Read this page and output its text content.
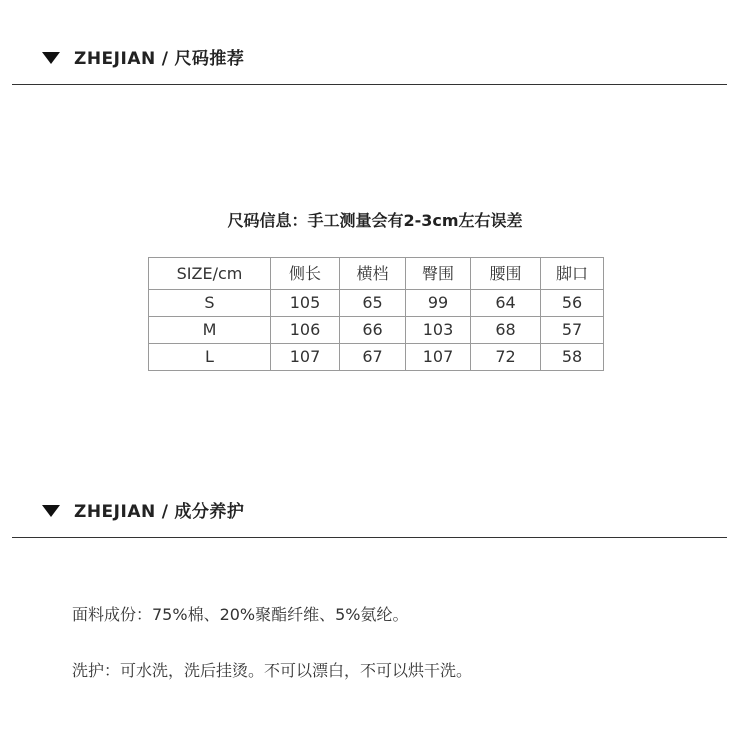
ZHEJIAN / 尺码推荐
尺码信息：手工测量会有2-3cm左右误差
SIZE/cm	侧长	横档	臀围	腰围	脚口
S	105	65	99	64	56
M	106	66	103	68	57
L	107	67	107	72	58
ZHEJIAN / 成分养护
面料成份：75%棉、20%聚酯纤维、5%氨纶。
洗护：可水洗，洗后挂烫。不可以漂白，不可以烘干洗。
